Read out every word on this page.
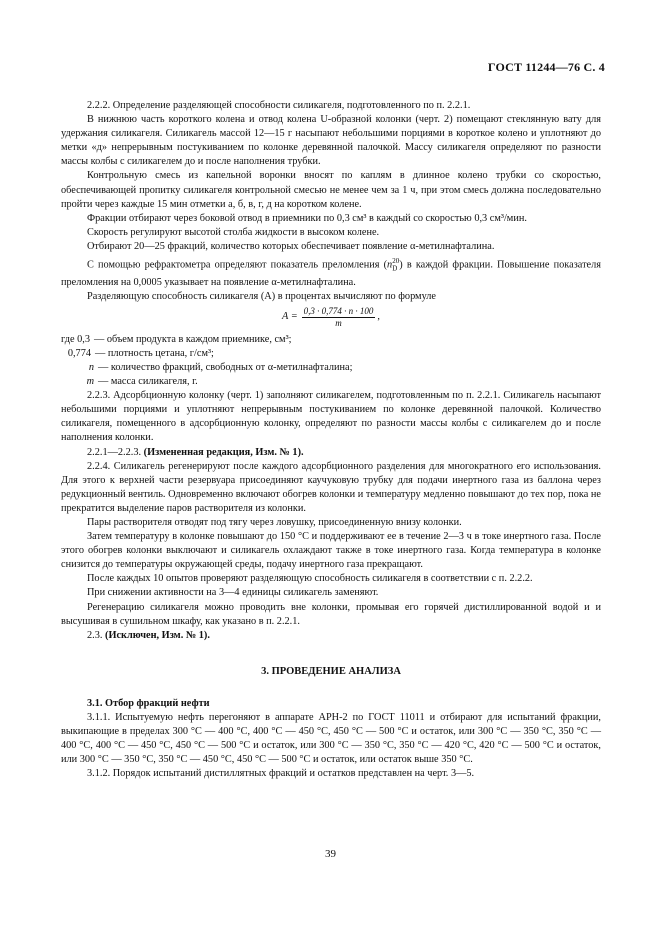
ГОСТ 11244—76 С. 4

2.2.2. Определение разделяющей способности силикагеля, подготовленного по п. 2.2.1.

В нижнюю часть короткого колена и отвод колена U-образной колонки (черт. 2) помещают стеклянную вату для удержания силикагеля. Силикагель массой 12—15 г насыпают небольшими порциями в короткое колено и уплотняют до метки «д» непрерывным постукиванием по колонке деревянной палочкой. Массу силикагеля определяют по разности массы колбы с силикагелем до и после наполнения трубки.

Контрольную смесь из капельной воронки вносят по каплям в длинное колено трубки со скоростью, обеспечивающей пропитку силикагеля контрольной смесью не менее чем за 1 ч, при этом смесь должна последовательно пройти через каждые 15 мин отметки а, б, в, г, д на коротком колене.

Фракции отбирают через боковой отвод в приемники по 0,3 см³ в каждый со скоростью 0,3 см³/мин.

Скорость регулируют высотой столба жидкости в высоком колене.

Отбирают 20—25 фракций, количество которых обеспечивает появление α-метилнафталина.

С помощью рефрактометра определяют показатель преломления $(n_D^{20})$ в каждой фракции. Повышение показателя преломления на 0,0005 указывает на появление α-метилнафталина.

Разделяющую способность силикагеля (А) в процентах вычисляют по формуле

$A = \frac{0,3 \cdot 0,774 \cdot n \cdot 100}{m}$ ,
где 0,3 — объем продукта в каждом приемнике, см³;
0,774 — плотность цетана, г/см³;
n — количество фракций, свободных от α-метилнафталина;
m — масса силикагеля, г.

2.2.3. Адсорбционную колонку (черт. 1) заполняют силикагелем, подготовленным по п. 2.2.1. Силикагель насыпают небольшими порциями и уплотняют непрерывным постукиванием по колонке деревянной палочкой. Количество силикагеля, помещенного в адсорбционную колонку, определяют по разности массы колбы с силикагелем до и после наполнения колонки.

2.2.1—2.2.3. (Измененная редакция, Изм. № 1).

2.2.4. Силикагель регенерируют после каждого адсорбционного разделения для многократного его использования. Для этого к верхней части резервуара присоединяют каучуковую трубку для подачи инертного газа из баллона через редукционный вентиль. Одновременно включают обогрев колонки и температуру медленно повышают до тех пор, пока не прекратится выделение паров растворителя из колонки.

Пары растворителя отводят под тягу через ловушку, присоединенную внизу колонки.

Затем температуру в колонке повышают до 150 °С и поддерживают ее в течение 2—3 ч в токе инертного газа. После этого обогрев колонки выключают и силикагель охлаждают также в токе инертного газа. Когда температура в колонке снизится до температуры окружающей среды, подачу инертного газа прекращают.

После каждых 10 опытов проверяют разделяющую способность силикагеля в соответствии с п. 2.2.2.

При снижении активности на 3—4 единицы силикагель заменяют.

Регенерацию силикагеля можно проводить вне колонки, промывая его горячей дистиллированной водой и и высушивая в сушильном шкафу, как указано в п. 2.2.1.

2.3. (Исключен, Изм. № 1).

3. ПРОВЕДЕНИЕ АНАЛИЗА

3.1. Отбор фракций нефти

3.1.1. Испытуемую нефть перегоняют в аппарате АРН-2 по ГОСТ 11011 и отбирают для испытаний фракции, выкипающие в пределах 300 °С — 400 °С, 400 °С — 450 °С, 450 °С — 500 °С и остаток, или 300 °С — 350 °С, 350 °С — 400 °С, 400 °С — 450 °С, 450 °С — 500 °С и остаток, или 300 °С — 350 °С, 350 °С — 420 °С, 420 °С — 500 °С и остаток, или 300 °С — 350 °С, 350 °С — 450 °С, 450 °С — 500 °С и остаток, или остаток выше 350 °С.

3.1.2. Порядок испытаний дистиллятных фракций и остатков представлен на черт. 3—5.

39
